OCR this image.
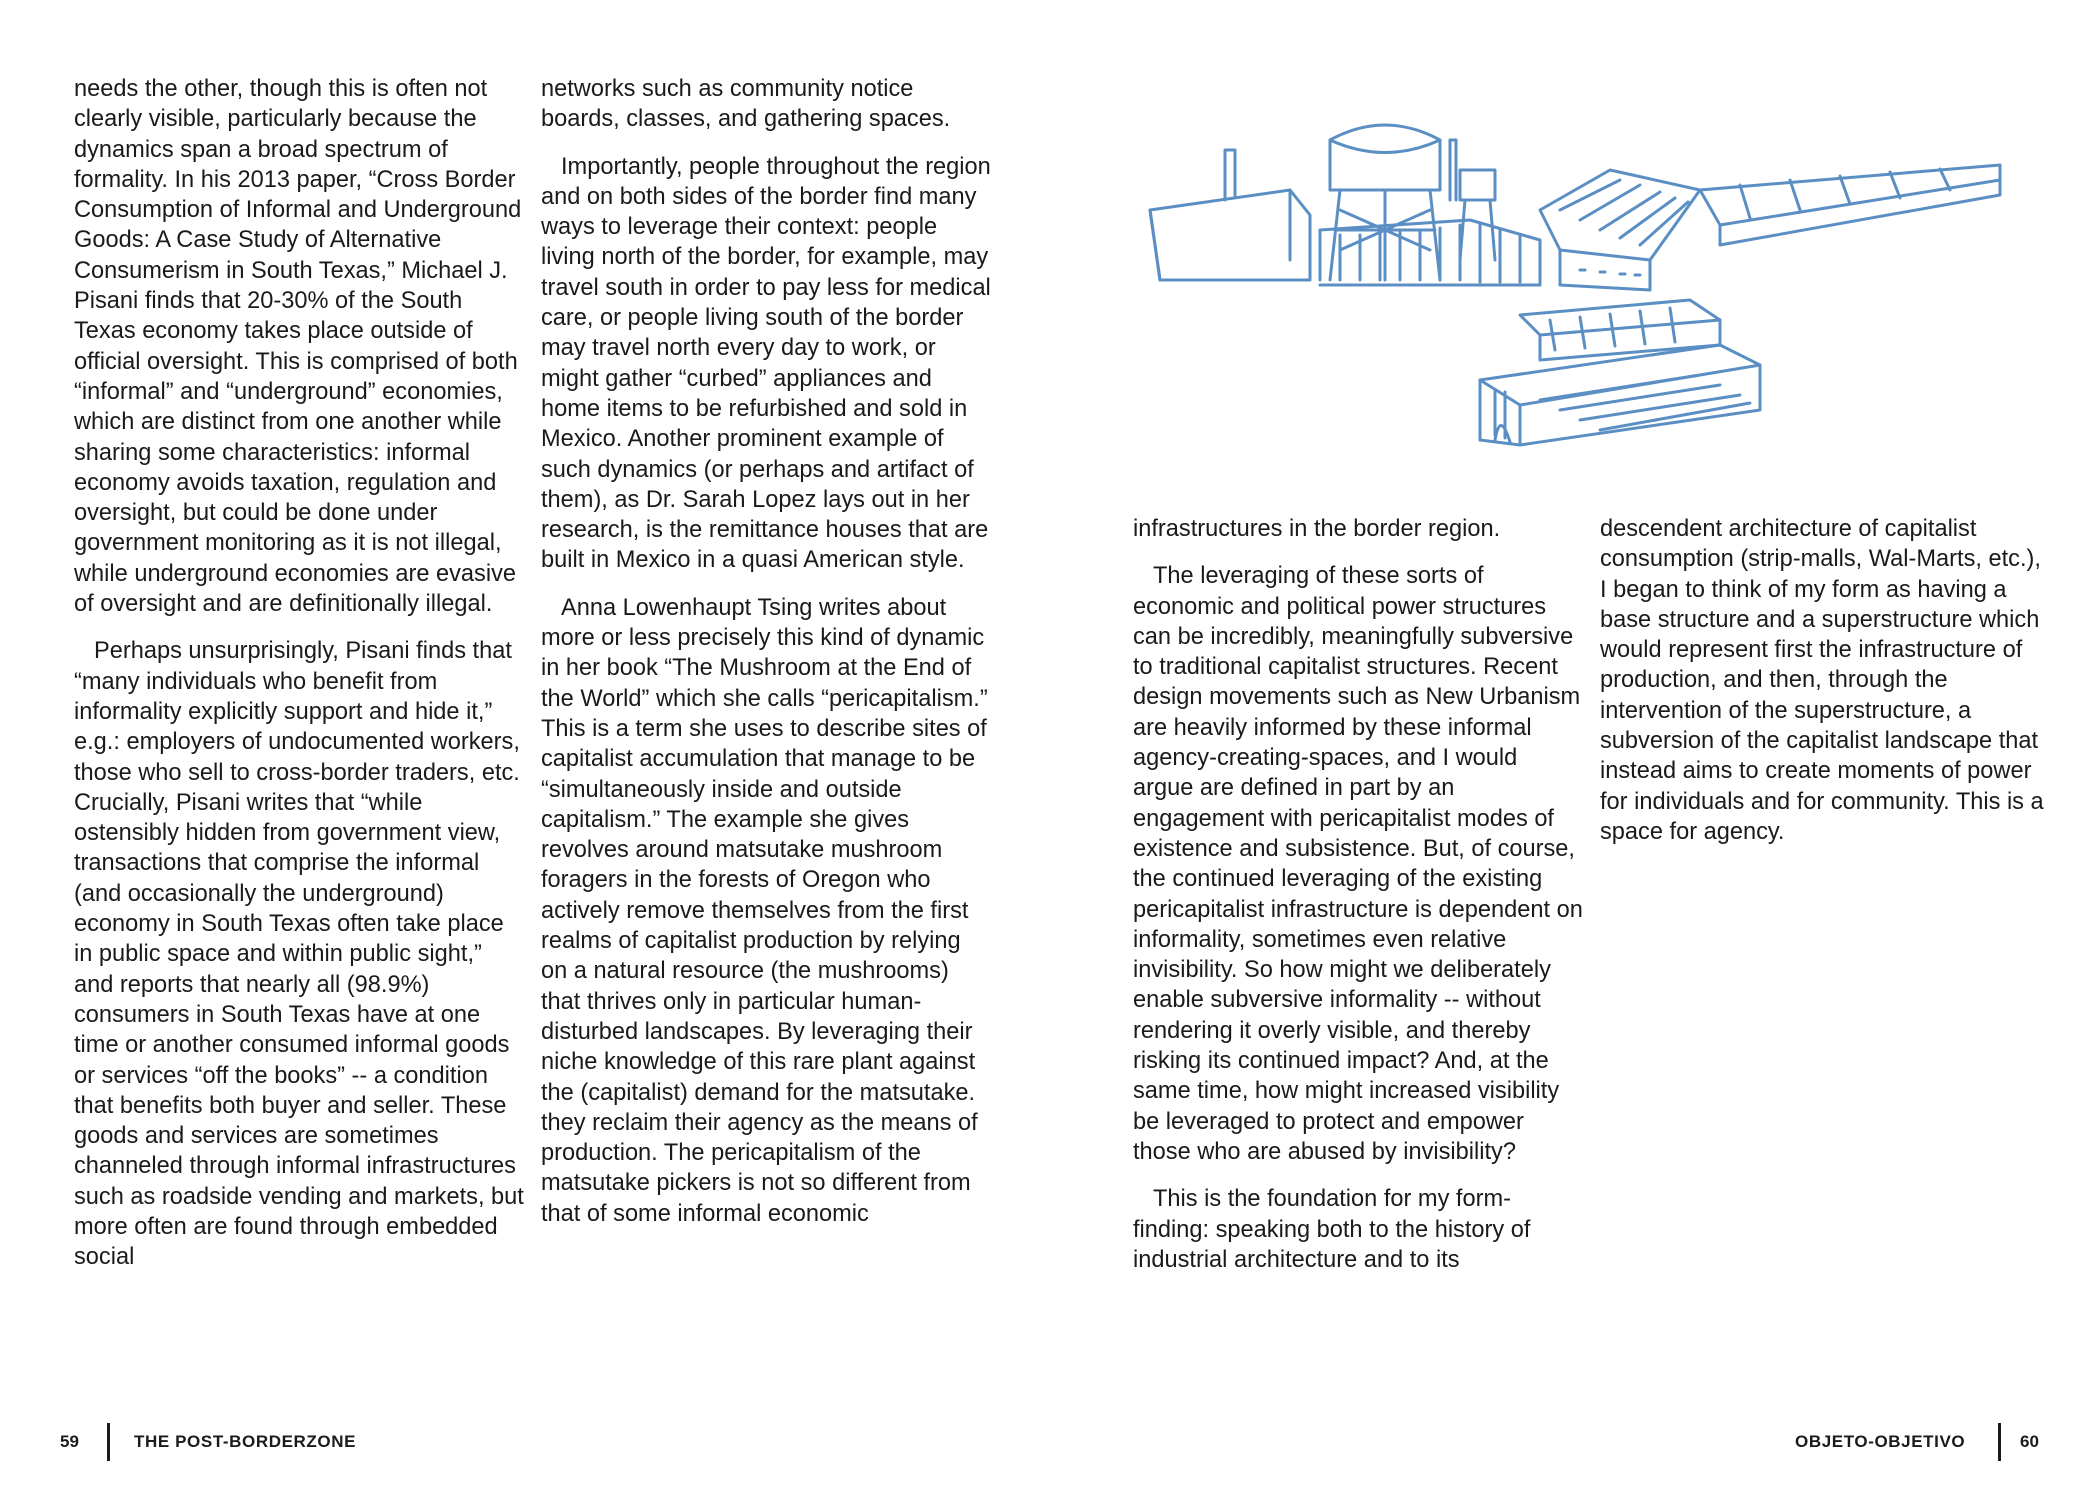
needs the other, though this is often not clearly visible, particularly because the dynamics span a broad spectrum of formality. In his 2013 paper, “Cross Border Consumption of Informal and Underground Goods: A Case Study of Alternative Consumerism in South Texas,” Michael J. Pisani finds that 20-30% of the South Texas economy takes place outside of official oversight. This is comprised of both “informal” and “underground” economies, which are distinct from one another while sharing some characteristics: informal economy avoids taxation, regulation and oversight, but could be done under government monitoring as it is not illegal, while underground economies are evasive of oversight and are definitionally illegal.

Perhaps unsurprisingly, Pisani finds that “many individuals who benefit from informality explicitly support and hide it,” e.g.: employers of undocumented workers, those who sell to cross-border traders, etc. Crucially, Pisani writes that “while ostensibly hidden from government view, transactions that comprise the informal (and occasionally the underground) economy in South Texas often take place in public space and within public sight,” and reports that nearly all (98.9%) consumers in South Texas have at one time or another consumed informal goods or services “off the books” -- a condition that benefits both buyer and seller. These goods and services are sometimes channeled through informal infrastructures such as roadside vending and markets, but more often are found through embedded social

networks such as community notice boards, classes, and gathering spaces.

Importantly, people throughout the region and on both sides of the border find many ways to leverage their context: people living north of the border, for example, may travel south in order to pay less for medical care, or people living south of the border may travel north every day to work, or might gather “curbed” appliances and home items to be refurbished and sold in Mexico. Another prominent example of such dynamics (or perhaps and artifact of them), as Dr. Sarah Lopez lays out in her research, is the remittance houses that are built in Mexico in a quasi American style.

Anna Lowenhaupt Tsing writes about more or less precisely this kind of dynamic in her book “The Mushroom at the End of the World” which she calls “pericapitalism.” This is a term she uses to describe sites of capitalist accumulation that manage to be “simultaneously inside and outside capitalism.” The example she gives revolves around matsutake mushroom foragers in the forests of Oregon who actively remove themselves from the first realms of capitalist production by relying on a natural resource (the mushrooms) that thrives only in particular human-disturbed landscapes. By leveraging their niche knowledge of this rare plant against the (capitalist) demand for the matsutake. they reclaim their agency as the means of production. The pericapitalism of the matsutake pickers is not so different from that of some informal economic

infrastructures in the border region.

The leveraging of these sorts of economic and political power structures can be incredibly, meaningfully subversive to traditional capitalist structures. Recent design movements such as New Urbanism are heavily informed by these informal agency-creating-spaces, and I would argue are defined in part by an engagement with pericapitalist modes of existence and subsistence. But, of course, the continued leveraging of the existing pericapitalist infrastructure is dependent on informality, sometimes even relative invisibility. So how might we deliberately enable subversive informality -- without rendering it overly visible, and thereby risking its continued impact? And, at the same time, how might increased visibility be leveraged to protect and empower those who are abused by invisibility?

This is the foundation for my form-finding: speaking both to the history of industrial architecture and to its

descendent architecture of capitalist consumption (strip-malls, Wal-Marts, etc.), I began to think of my form as having a base structure and a superstructure which would represent first the infrastructure of production, and then, through the intervention of the superstructure, a subversion of the capitalist landscape that instead aims to create moments of power for individuals and for community. This is a space for agency.

59	THE POST-BORDERZONE	OBJETO-OBJETIVO	60
